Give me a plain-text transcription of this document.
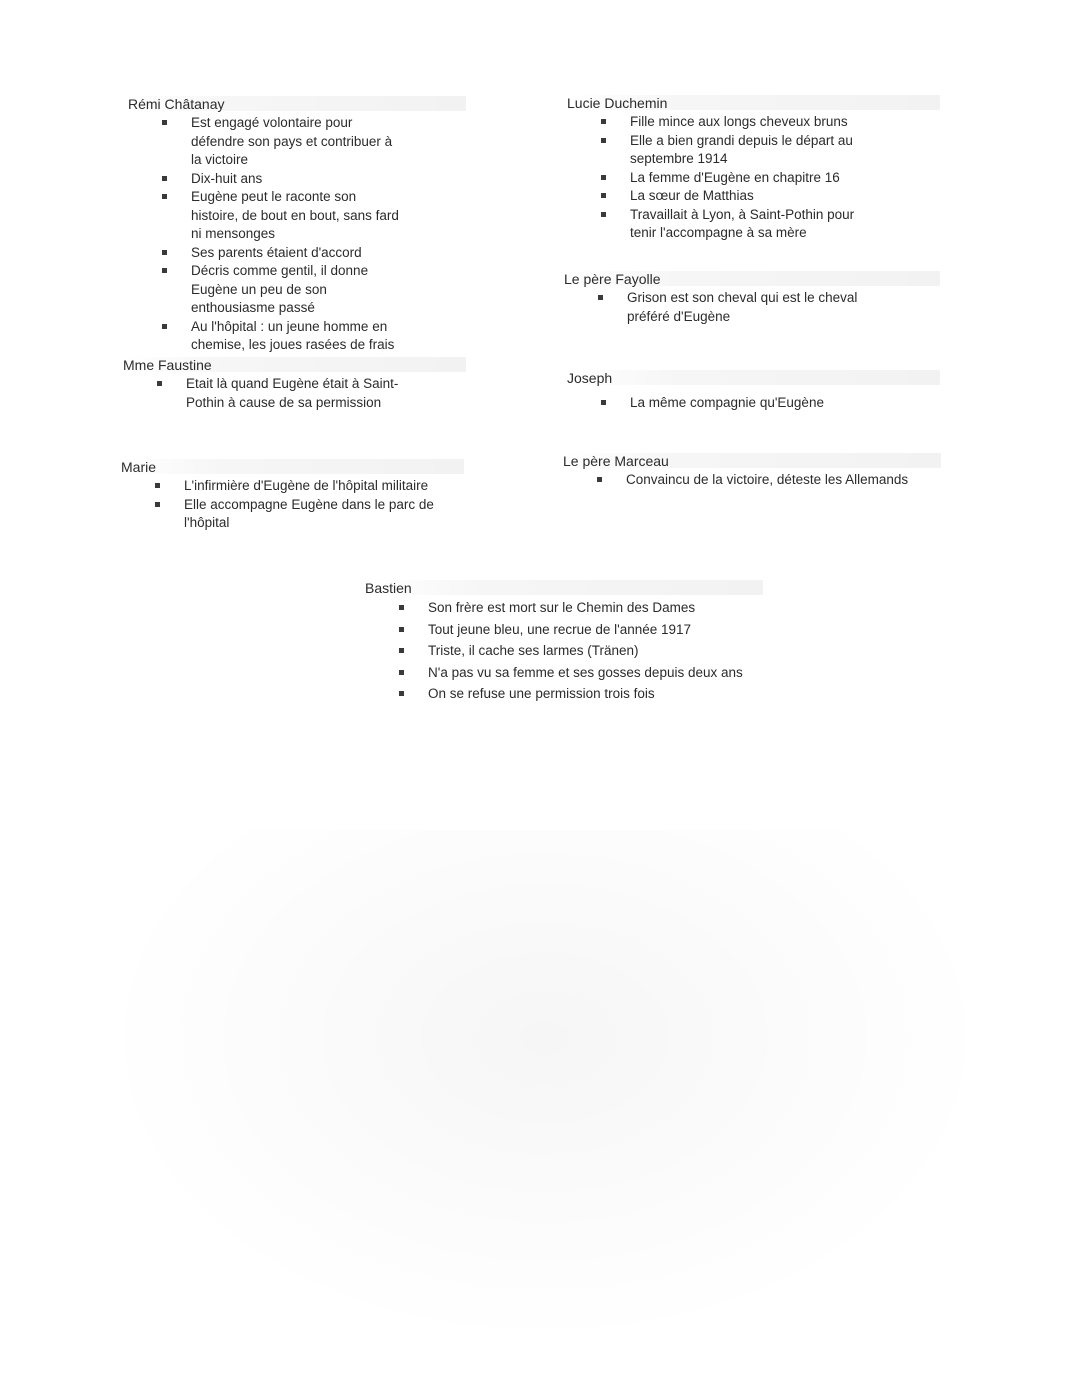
Rémi Châtanay
Est engagé volontaire pour défendre son pays et contribuer à la victoire
Dix-huit ans
Eugène peut le raconte son histoire, de bout en bout, sans fard ni mensonges
Ses parents étaient d'accord
Décris comme gentil, il donne Eugène un peu de son enthousiasme passé
Au l'hôpital : un jeune homme en chemise, les joues rasées de frais
Lucie Duchemin
Fille mince aux longs cheveux bruns
Elle a bien grandi depuis le départ au septembre 1914
La femme d'Eugène en chapitre 16
La sœur de Matthias
Travaillait à Lyon, à Saint-Pothin pour tenir l'accompagne à sa mère
Le père Fayolle
Grison est son cheval qui est le cheval préféré d'Eugène
Mme Faustine
Etait là quand Eugène était à Saint-Pothin à cause de sa permission
Joseph
La même compagnie qu'Eugène
Marie
L'infirmière d'Eugène de l'hôpital militaire
Elle accompagne Eugène dans le parc de l'hôpital
Le père Marceau
Convaincu de la victoire, déteste les Allemands
Bastien
Son frère est mort sur le Chemin des Dames
Tout jeune bleu, une recrue de l'année 1917
Triste, il cache ses larmes (Tränen)
N'a pas vu sa femme et ses gosses depuis deux ans
On se refuse une permission trois fois
